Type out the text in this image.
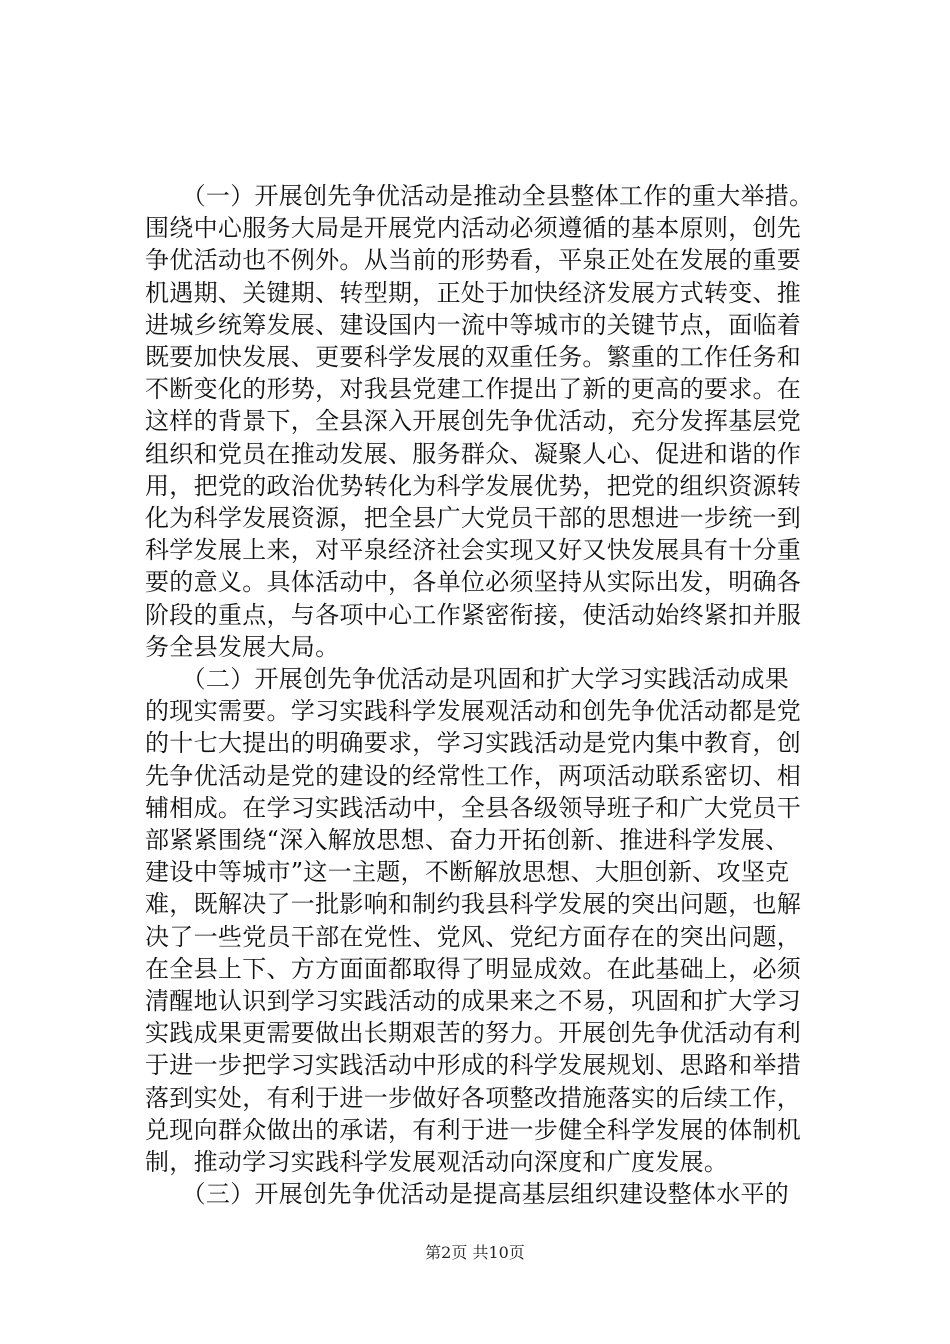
　　（一）开展创先争优活动是推动全县整体工作的重大举措。
围绕中心服务大局是开展党内活动必须遵循的基本原则，创先
争优活动也不例外。从当前的形势看，平泉正处在发展的重要
机遇期、关键期、转型期，正处于加快经济发展方式转变、推
进城乡统筹发展、建设国内一流中等城市的关键节点，面临着
既要加快发展、更要科学发展的双重任务。繁重的工作任务和
不断变化的形势，对我县党建工作提出了新的更高的要求。在
这样的背景下，全县深入开展创先争优活动，充分发挥基层党
组织和党员在推动发展、服务群众、凝聚人心、促进和谐的作
用，把党的政治优势转化为科学发展优势，把党的组织资源转
化为科学发展资源，把全县广大党员干部的思想进一步统一到
科学发展上来，对平泉经济社会实现又好又快发展具有十分重
要的意义。具体活动中，各单位必须坚持从实际出发，明确各
阶段的重点，与各项中心工作紧密衔接，使活动始终紧扣并服
务全县发展大局。
　　（二）开展创先争优活动是巩固和扩大学习实践活动成果
的现实需要。学习实践科学发展观活动和创先争优活动都是党
的十七大提出的明确要求，学习实践活动是党内集中教育，创
先争优活动是党的建设的经常性工作，两项活动联系密切、相
辅相成。在学习实践活动中，全县各级领导班子和广大党员干
部紧紧围绕“深入解放思想、奋力开拓创新、推进科学发展、
建设中等城市”这一主题，不断解放思想、大胆创新、攻坚克
难，既解决了一批影响和制约我县科学发展的突出问题，也解
决了一些党员干部在党性、党风、党纪方面存在的突出问题，
在全县上下、方方面面都取得了明显成效。在此基础上，必须
清醒地认识到学习实践活动的成果来之不易，巩固和扩大学习
实践成果更需要做出长期艰苦的努力。开展创先争优活动有利
于进一步把学习实践活动中形成的科学发展规划、思路和举措
落到实处，有利于进一步做好各项整改措施落实的后续工作，
兑现向群众做出的承诺，有利于进一步健全科学发展的体制机
制，推动学习实践科学发展观活动向深度和广度发展。
　　（三）开展创先争优活动是提高基层组织建设整体水平的
第2页 共10页
